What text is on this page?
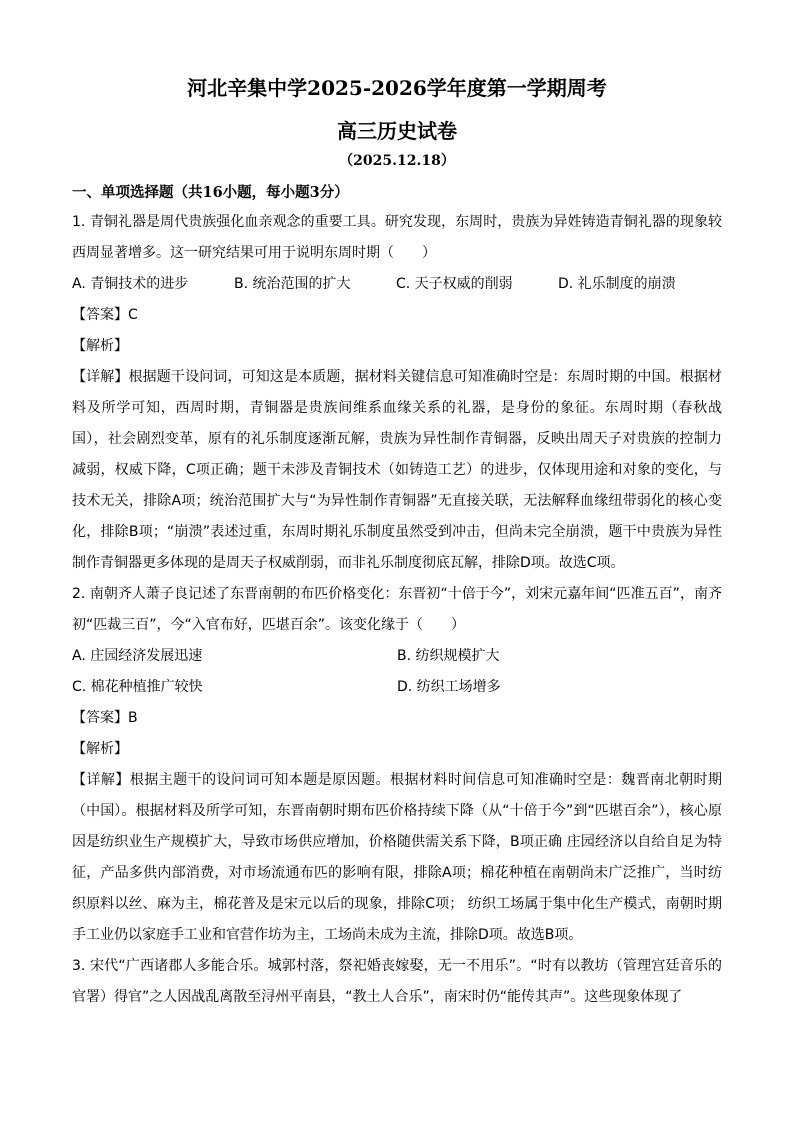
河北辛集中学2025-2026学年度第一学期周考
高三历史试卷
（2025.12.18）
一、单项选择题（共16小题，每小题3分）

1. 青铜礼器是周代贵族强化血亲观念的重要工具。研究发现，东周时，贵族为异姓铸造青铜礼器的现象较西周显著增多。这一研究结果可用于说明东周时期（　　）

A. 青铜技术的进步	B. 统治范围的扩大	C. 天子权威的削弱	D. 礼乐制度的崩溃

【答案】C

【解析】

【详解】根据题干设问词，可知这是本质题，据材料关键信息可知准确时空是：东周时期的中国。根据材料及所学可知，西周时期，青铜器是贵族间维系血缘关系的礼器，是身份的象征。东周时期（春秋战国），社会剧烈变革，原有的礼乐制度逐渐瓦解，贵族为异性制作青铜器，反映出周天子对贵族的控制力减弱，权威下降，C项正确；题干未涉及青铜技术（如铸造工艺）的进步，仅体现用途和对象的变化，与技术无关，排除A项；统治范围扩大与“为异性制作青铜器”无直接关联，无法解释血缘纽带弱化的核心变化，排除B项；“崩溃”表述过重，东周时期礼乐制度虽然受到冲击，但尚未完全崩溃，题干中贵族为异性制作青铜器更多体现的是周天子权威削弱，而非礼乐制度彻底瓦解，排除D项。故选C项。

2. 南朝齐人萧子良记述了东晋南朝的布匹价格变化：东晋初“十倍于今”，刘宋元嘉年间“匹准五百”，南齐初“匹裁三百”，今“入官布好，匹堪百余”。该变化缘于（　　）

A. 庄园经济发展迅速	B. 纺织规模扩大
C. 棉花种植推广较快	D. 纺织工场增多

【答案】B

【解析】

【详解】根据主题干的设问词可知本题是原因题。根据材料时间信息可知准确时空是：魏晋南北朝时期（中国）。根据材料及所学可知，东晋南朝时期布匹价格持续下降（从“十倍于今”到“匹堪百余”），核心原因是纺织业生产规模扩大，导致市场供应增加，价格随供需关系下降，B项正确 庄园经济以自给自足为特征，产品多供内部消费，对市场流通布匹的影响有限，排除A项；棉花种植在南朝尚未广泛推广，当时纺织原料以丝、麻为主，棉花普及是宋元以后的现象，排除C项； 纺织工场属于集中化生产模式，南朝时期手工业仍以家庭手工业和官营作坊为主，工场尚未成为主流，排除D项。故选B项。

3. 宋代“广西诸郡人多能合乐。城郭村落，祭祀婚丧嫁娶，无一不用乐”。“时有以教坊（管理宫廷音乐的官署）得官”之人因战乱离散至浔州平南县，“教土人合乐”，南宋时仍“能传其声”。这些现象体现了
